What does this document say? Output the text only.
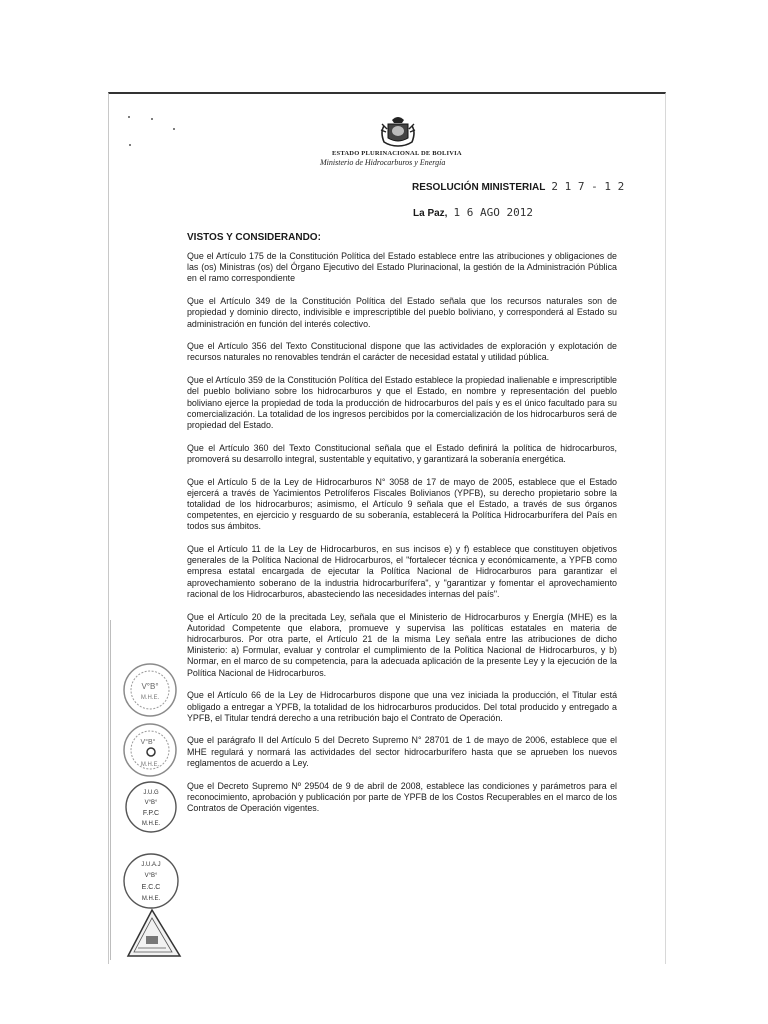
ESTADO PLURINACIONAL DE BOLIVIA
Ministerio de Hidrocarburos y Energía
RESOLUCIÓN MINISTERIAL 2 1 7 - 1 2
La Paz, 1 6 AGO 2012
VISTOS Y CONSIDERANDO:

Que el Artículo 175 de la Constitución Política del Estado establece entre las atribuciones y obligaciones de las (os) Ministras (os) del Órgano Ejecutivo del Estado Plurinacional, la gestión de la Administración Pública en el ramo correspondiente

Que el Artículo 349 de la Constitución Política del Estado señala que los recursos naturales son de propiedad y dominio directo, indivisible e imprescriptible del pueblo boliviano, y corresponderá al Estado su administración en función del interés colectivo.

Que el Artículo 356 del Texto Constitucional dispone que las actividades de exploración y explotación de recursos naturales no renovables tendrán el carácter de necesidad estatal y utilidad pública.

Que el Artículo 359 de la Constitución Política del Estado establece la propiedad inalienable e imprescriptible del pueblo boliviano sobre los hidrocarburos y que el Estado, en nombre y representación del pueblo boliviano ejerce la propiedad de toda la producción de hidrocarburos del país y es el único facultado para su comercialización. La totalidad de los ingresos percibidos por la comercialización de los hidrocarburos será de propiedad del Estado.

Que el Artículo 360 del Texto Constitucional señala que el Estado definirá la política de hidrocarburos, promoverá su desarrollo integral, sustentable y equitativo, y garantizará la soberanía energética.

Que el Artículo 5 de la Ley de Hidrocarburos N° 3058 de 17 de mayo de 2005, establece que el Estado ejercerá a través de Yacimientos Petrolíferos Fiscales Bolivianos (YPFB), su derecho propietario sobre la totalidad de los hidrocarburos; asimismo, el Artículo 9 señala que el Estado, a través de sus órganos competentes, en ejercicio y resguardo de su soberanía, establecerá la Política Hidrocarburífera del País en todos sus ámbitos.

Que el Artículo 11 de la Ley de Hidrocarburos, en sus incisos e) y f) establece que constituyen objetivos generales de la Política Nacional de Hidrocarburos, el "fortalecer técnica y económicamente, a YPFB como empresa estatal encargada de ejecutar la Política Nacional de Hidrocarburos para garantizar el aprovechamiento soberano de la industria hidrocarburífera", y "garantizar y fomentar el aprovechamiento racional de los Hidrocarburos, abasteciendo las necesidades internas del país".

Que el Artículo 20 de la precitada Ley, señala que el Ministerio de Hidrocarburos y Energía (MHE) es la Autoridad Competente que elabora, promueve y supervisa las políticas estatales en materia de hidrocarburos. Por otra parte, el Artículo 21 de la misma Ley señala entre las atribuciones de dicho Ministerio: a) Formular, evaluar y controlar el cumplimiento de la Política Nacional de Hidrocarburos, y b) Normar, en el marco de su competencia, para la adecuada aplicación de la presente Ley y la ejecución de la Política Nacional de Hidrocarburos.

Que el Artículo 66 de la Ley de Hidrocarburos dispone que una vez iniciada la producción, el Titular está obligado a entregar a YPFB, la totalidad de los hidrocarburos producidos. Del total producido y entregado a YPFB, el Titular tendrá derecho a una retribución bajo el Contrato de Operación.

Que el parágrafo II del Artículo 5 del Decreto Supremo N° 28701 de 1 de mayo de 2006, establece que el MHE regulará y normará las actividades del sector hidrocarburífero hasta que se aprueben los nuevos reglamentos de acuerdo a Ley.

Que el Decreto Supremo Nº 29504 de 9 de abril de 2008, establece las condiciones y parámetros para el reconocimiento, aprobación y publicación por parte de YPFB de los Costos Recuperables en el marco de los Contratos de Operación vigentes.

V°B°
M.H.E.
V°B°
M.H.E.
J.U.G
V°B°
F.P.C
M.H.E.
J.U.A.J
V°B°
E.C.C
M.H.E.
